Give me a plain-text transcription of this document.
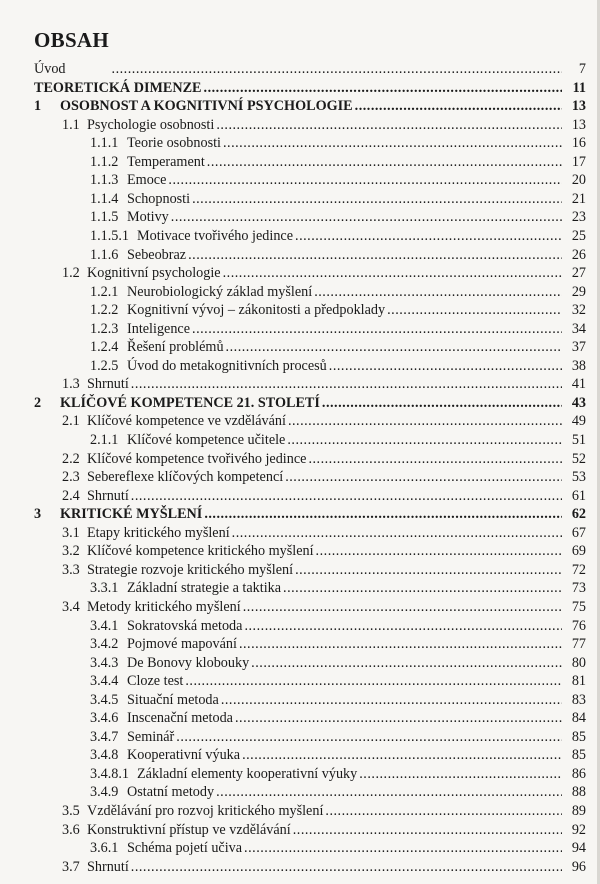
OBSAH
Úvod .....	7
TEORETICKÁ DIMENZE .....	11
1	OSOBNOST A KOGNITIVNÍ PSYCHOLOGIE .....	13
1.1 Psychologie osobnosti .....	13
1.1.1 Teorie osobnosti .....	16
1.1.2 Temperament .....	17
1.1.3 Emoce .....	20
1.1.4 Schopnosti .....	21
1.1.5 Motivy .....	23
1.1.5.1 Motivace tvořivého jedince .....	25
1.1.6 Sebeobraz .....	26
1.2 Kognitivní psychologie .....	27
1.2.1 Neurobiologický základ myšlení .....	29
1.2.2 Kognitivní vývoj – zákonitosti a předpoklady .....	32
1.2.3 Inteligence .....	34
1.2.4 Řešení problémů .....	37
1.2.5 Úvod do metakognitivních procesů .....	38
1.3 Shrnutí .....	41
2	KLÍČOVÉ KOMPETENCE 21. STOLETÍ .....	43
2.1 Klíčové kompetence ve vzdělávání .....	49
2.1.1 Klíčové kompetence učitele .....	51
2.2 Klíčové kompetence tvořivého jedince .....	52
2.3 Sebereflexe klíčových kompetencí .....	53
2.4 Shrnutí .....	61
3	KRITICKÉ MYŠLENÍ .....	62
3.1 Etapy kritického myšlení .....	67
3.2 Klíčové kompetence kritického myšlení .....	69
3.3 Strategie rozvoje kritického myšlení .....	72
3.3.1 Základní strategie a taktika .....	73
3.4 Metody kritického myšlení .....	75
3.4.1 Sokratovská metoda .....	76
3.4.2 Pojmové mapování .....	77
3.4.3 De Bonovy klobouky .....	80
3.4.4 Cloze test .....	81
3.4.5 Situační metoda .....	83
3.4.6 Inscenační metoda .....	84
3.4.7 Seminář .....	85
3.4.8 Kooperativní výuka .....	85
3.4.8.1 Základní elementy kooperativní výuky .....	86
3.4.9 Ostatní metody .....	88
3.5 Vzdělávání pro rozvoj kritického myšlení .....	89
3.6 Konstruktivní přístup ve vzdělávání .....	92
3.6.1 Schéma pojetí učiva .....	94
3.7 Shrnutí .....	96
